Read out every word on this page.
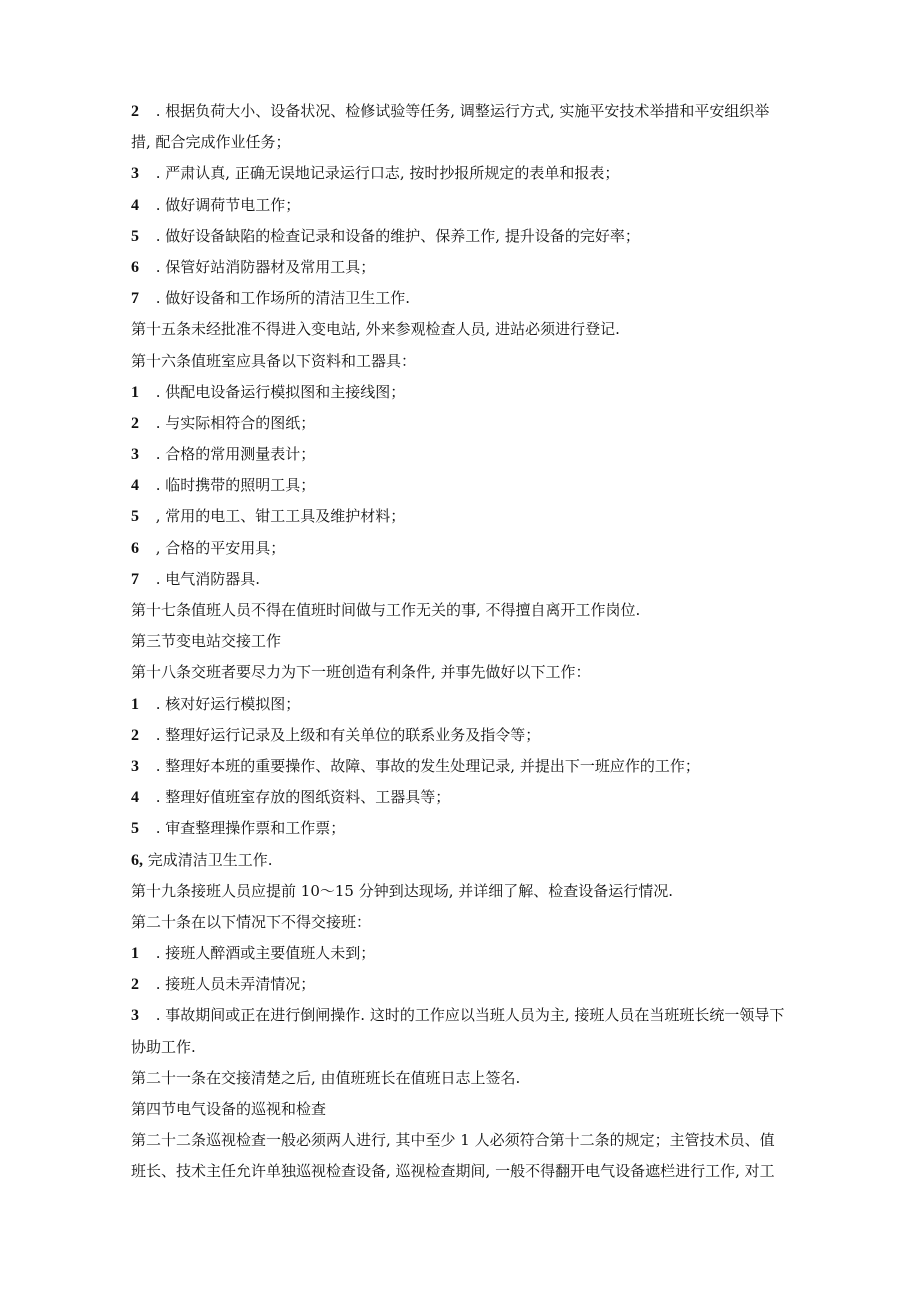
2 . 根据负荷大小、设备状况、检修试验等任务, 调整运行方式, 实施平安技术举措和平安组织举
措, 配合完成作业任务；
3 . 严肃认真, 正确无误地记录运行口志, 按时抄报所规定的表单和报表；
4 . 做好调荷节电工作；
5 . 做好设备缺陷的检查记录和设备的维护、保养工作, 提升设备的完好率；
6 . 保管好站消防器材及常用工具；
7 . 做好设备和工作场所的清洁卫生工作.
第十五条未经批准不得进入变电站, 外来参观检查人员, 进站必须进行登记.
第十六条值班室应具备以下资料和工器具：
1 . 供配电设备运行模拟图和主接线图；
2 . 与实际相符合的图纸；
3 . 合格的常用测量表计；
4 . 临时携带的照明工具；
5 , 常用的电工、钳工工具及维护材料；
6 , 合格的平安用具；
7 . 电气消防器具.
第十七条值班人员不得在值班时间做与工作无关的事, 不得擅自离开工作岗位.
第三节变电站交接工作
第十八条交班者要尽力为下一班创造有利条件, 并事先做好以下工作：
1 . 核对好运行模拟图；
2 . 整理好运行记录及上级和有关单位的联系业务及指令等；
3 . 整理好本班的重要操作、故障、事故的发生处理记录, 并提出下一班应作的工作；
4 . 整理好值班室存放的图纸资料、工器具等；
5 . 审查整理操作票和工作票；
6, 完成清洁卫生工作.
第十九条接班人员应提前 10～15 分钟到达现场, 并详细了解、检查设备运行情况.
第二十条在以下情况下不得交接班：
1 . 接班人醉酒或主要值班人未到；
2 . 接班人员未弄清情况；
3 . 事故期间或正在进行倒闸操作. 这时的工作应以当班人员为主, 接班人员在当班班长统一领导下
协助工作.
第二十一条在交接清楚之后, 由值班班长在值班日志上签名.
第四节电气设备的巡视和检查
第二十二条巡视检查一般必须两人进行, 其中至少 1 人必须符合第十二条的规定；主管技术员、值
班长、技术主任允许单独巡视检查设备, 巡视检查期间, 一般不得翻开电气设备遮栏进行工作, 对工
